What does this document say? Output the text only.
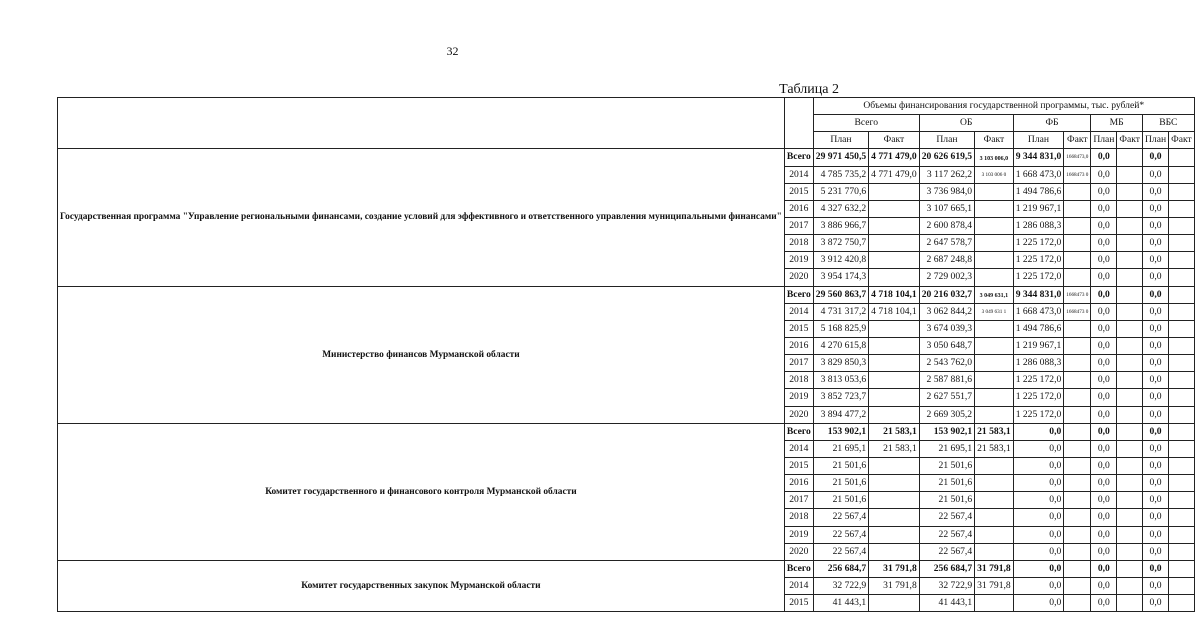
32
Таблица 2
		Объемы финансирования государственной программы, тыс. рублей*									
		Всего		ОБ		ФБ		МБ		ВБС	
		План	Факт	План	Факт	План	Факт	План	Факт	План	Факт
Государственная программа "Управление региональными финансами, создание условий для эффективного и ответственного управления муниципальными финансами"	Всего	29 971 450,5	4 771 479,0	20 626 619,5	3 103 006,0	9 344 831,0	1668473,0	0,0		0,0	
	2014	4 785 735,2	4 771 479,0	3 117 262,2	3 103 006 0	1 668 473,0	1668473 0	0,0		0,0	
	2015	5 231 770,6		3 736 984,0		1 494 786,6		0,0		0,0	
	2016	4 327 632,2		3 107 665,1		1 219 967,1		0,0		0,0	
	2017	3 886 966,7		2 600 878,4		1 286 088,3		0,0		0,0	
	2018	3 872 750,7		2 647 578,7		1 225 172,0		0,0		0,0	
	2019	3 912 420,8		2 687 248,8		1 225 172,0		0,0		0,0	
	2020	3 954 174,3		2 729 002,3		1 225 172,0		0,0		0,0	
Министерство финансов Мурманской области	Всего	29 560 863,7	4 718 104,1	20 216 032,7	3 049 631,1	9 344 831,0	1668473 0	0,0		0,0	
	2014	4 731 317,2	4 718 104,1	3 062 844,2	3 049 631 1	1 668 473,0	1668473 0	0,0		0,0	
	2015	5 168 825,9		3 674 039,3		1 494 786,6		0,0		0,0	
	2016	4 270 615,8		3 050 648,7		1 219 967,1		0,0		0,0	
	2017	3 829 850,3		2 543 762,0		1 286 088,3		0,0		0,0	
	2018	3 813 053,6		2 587 881,6		1 225 172,0		0,0		0,0	
	2019	3 852 723,7		2 627 551,7		1 225 172,0		0,0		0,0	
	2020	3 894 477,2		2 669 305,2		1 225 172,0		0,0		0,0	
Комитет государственного и финансового контроля Мурманской области	Всего	153 902,1	21 583,1	153 902,1	21 583,1	0,0		0,0		0,0	
	2014	21 695,1	21 583,1	21 695,1	21 583,1	0,0		0,0		0,0	
	2015	21 501,6		21 501,6		0,0		0,0		0,0	
	2016	21 501,6		21 501,6		0,0		0,0		0,0	
	2017	21 501,6		21 501,6		0,0		0,0		0,0	
	2018	22 567,4		22 567,4		0,0		0,0		0,0	
	2019	22 567,4		22 567,4		0,0		0,0		0,0	
	2020	22 567,4		22 567,4		0,0		0,0		0,0	
Комитет государственных закупок Мурманской области	Всего	256 684,7	31 791,8	256 684,7	31 791,8	0,0		0,0		0,0	
	2014	32 722,9	31 791,8	32 722,9	31 791,8	0,0		0,0		0,0	
	2015	41 443,1		41 443,1		0,0		0,0		0,0	
